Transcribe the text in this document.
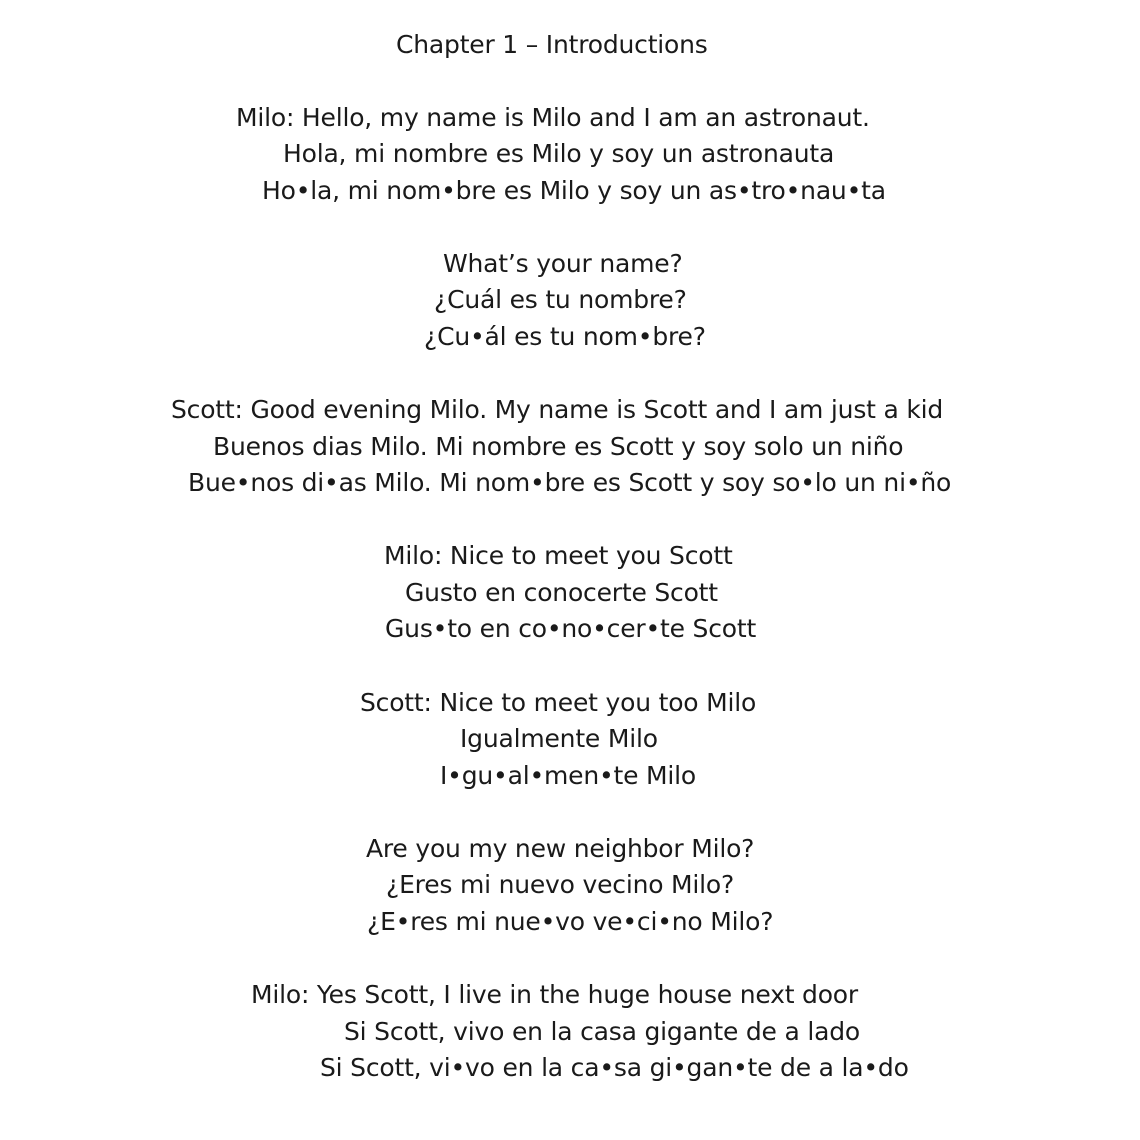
Chapter 1 – Introductions
Milo: Hello, my name is Milo and I am an astronaut.
Hola, mi nombre es Milo y soy un astronauta
Ho•la, mi nom•bre es Milo y soy un as•tro•nau•ta
What’s your name?
¿Cuál es tu nombre?
¿Cu•ál es tu nom•bre?
Scott: Good evening Milo. My name is Scott and I am just a kid
Buenos dias Milo. Mi nombre es Scott y soy solo un niño
Bue•nos di•as Milo. Mi nom•bre es Scott y soy so•lo un ni•ño
Milo: Nice to meet you Scott
Gusto en conocerte Scott
Gus•to en co•no•cer•te Scott
Scott: Nice to meet you too Milo
Igualmente Milo
I•gu•al•men•te Milo
Are you my new neighbor Milo?
¿Eres mi nuevo vecino Milo?
¿E•res mi nue•vo ve•ci•no Milo?
Milo: Yes Scott, I live in the huge house next door
Si Scott, vivo en la casa gigante de a lado
Si Scott, vi•vo en la ca•sa gi•gan•te de a la•do
